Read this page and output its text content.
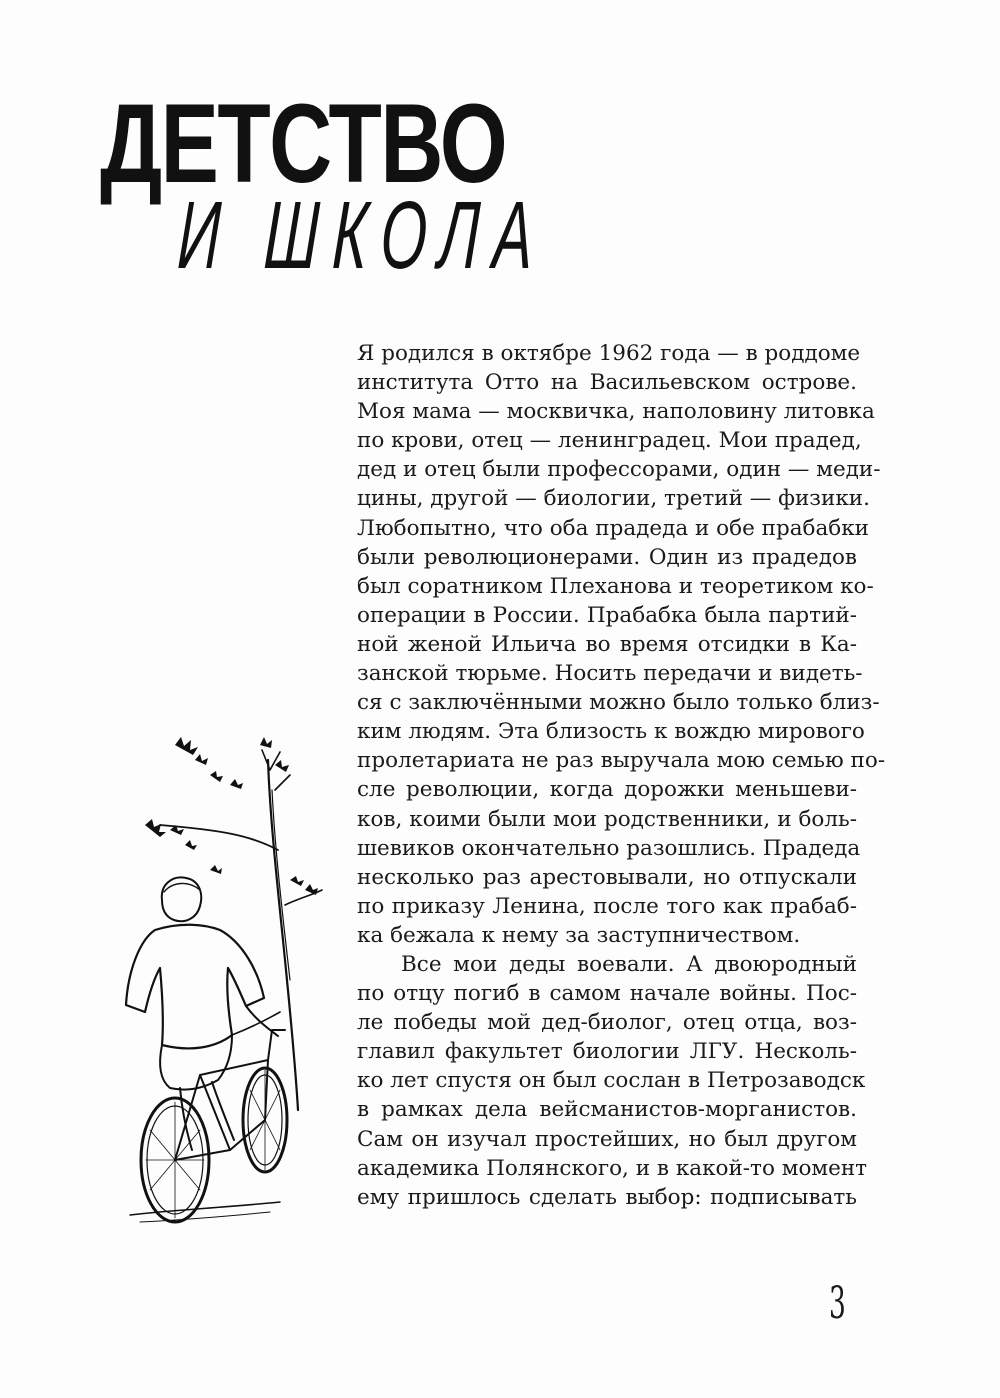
ДЕТСТВО
И ШКОЛА
Я родился в октябре 1962 года — в роддоме
института Отто на Васильевском острове.
Моя мама — москвичка, наполовину литовка
по крови, отец — ленинградец. Мои прадед,
дед и отец были профессорами, один — меди-
цины, другой — биологии, третий — физики.
Любопытно, что оба прадеда и обе прабабки
были революционерами. Один из прадедов
был соратником Плеханова и теоретиком ко-
операции в России. Прабабка была партий-
ной женой Ильича во время отсидки в Ка-
занской тюрьме. Носить передачи и видеть-
ся с заключёнными можно было только близ-
ким людям. Эта близость к вождю мирового
пролетариата не раз выручала мою семью по-
сле революции, когда дорожки меньшеви-
ков, коими были мои родственники, и боль-
шевиков окончательно разошлись. Прадеда
несколько раз арестовывали, но отпускали
по приказу Ленина, после того как прабаб-
ка бежала к нему за заступничеством.
Все мои деды воевали. А двоюродный
по отцу погиб в самом начале войны. Пос-
ле победы мой дед-биолог, отец отца, воз-
главил факультет биологии ЛГУ. Несколь-
ко лет спустя он был сослан в Петрозаводск
в рамках дела вейсманистов-морганистов.
Сам он изучал простейших, но был другом
академика Полянского, и в какой-то момент
ему пришлось сделать выбор: подписывать
3
